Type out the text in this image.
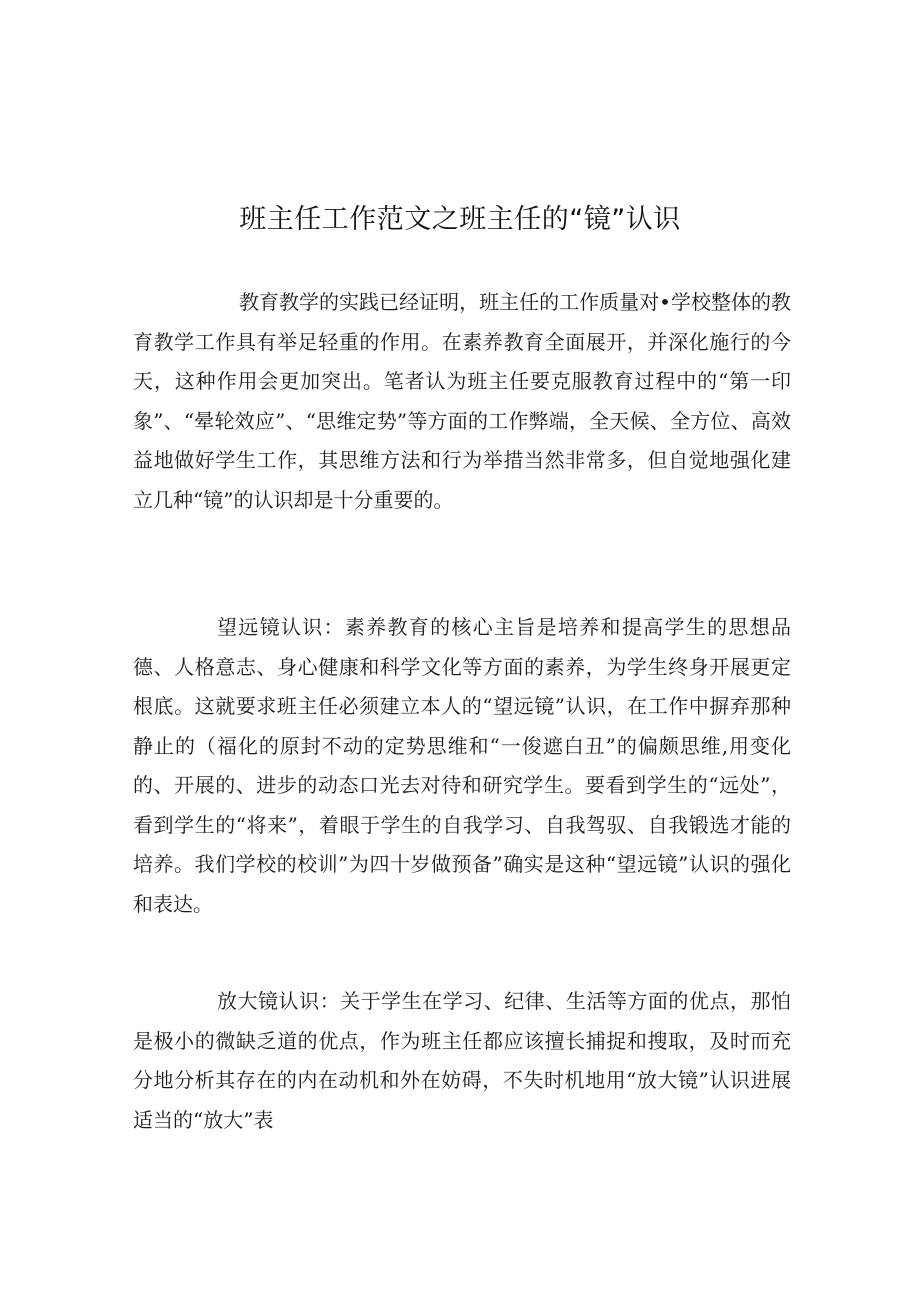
班主任工作范文之班主任的“镜”认识

教育教学的实践已经证明，班主任的工作质量对•学校整体的教育教学工作具有举足轻重的作用。在素养教育全面展开，并深化施行的今天，这种作用会更加突出。笔者认为班主任要克服教育过程中的“第一印象”、“晕轮效应”、“思维定势”等方面的工作弊端，全天候、全方位、高效益地做好学生工作，其思维方法和行为举措当然非常多，但自觉地强化建立几种“镜”的认识却是十分重要的。

望远镜认识：素养教育的核心主旨是培养和提高学生的思想品德、人格意志、身心健康和科学文化等方面的素养，为学生终身开展更定根底。这就要求班主任必须建立本人的“望远镜”认识，在工作中摒弃那种静止的（福化的原封不动的定势思维和“一俊遮白丑”的偏颇思维,用变化的、开展的、进步的动态口光去对待和研究学生。要看到学生的“远处”，看到学生的“将来”，着眼于学生的自我学习、自我驾驭、自我锻选才能的培养。我们学校的校训”为四十岁做预备”确实是这种“望远镜”认识的强化和表达。

放大镜认识：关于学生在学习、纪律、生活等方面的优点，那怕是极小的微缺乏道的优点，作为班主任都应该擅长捕捉和搜取，及时而充分地分析其存在的内在动机和外在妨碍，不失时机地用“放大镜”认识进展适当的“放大”表
